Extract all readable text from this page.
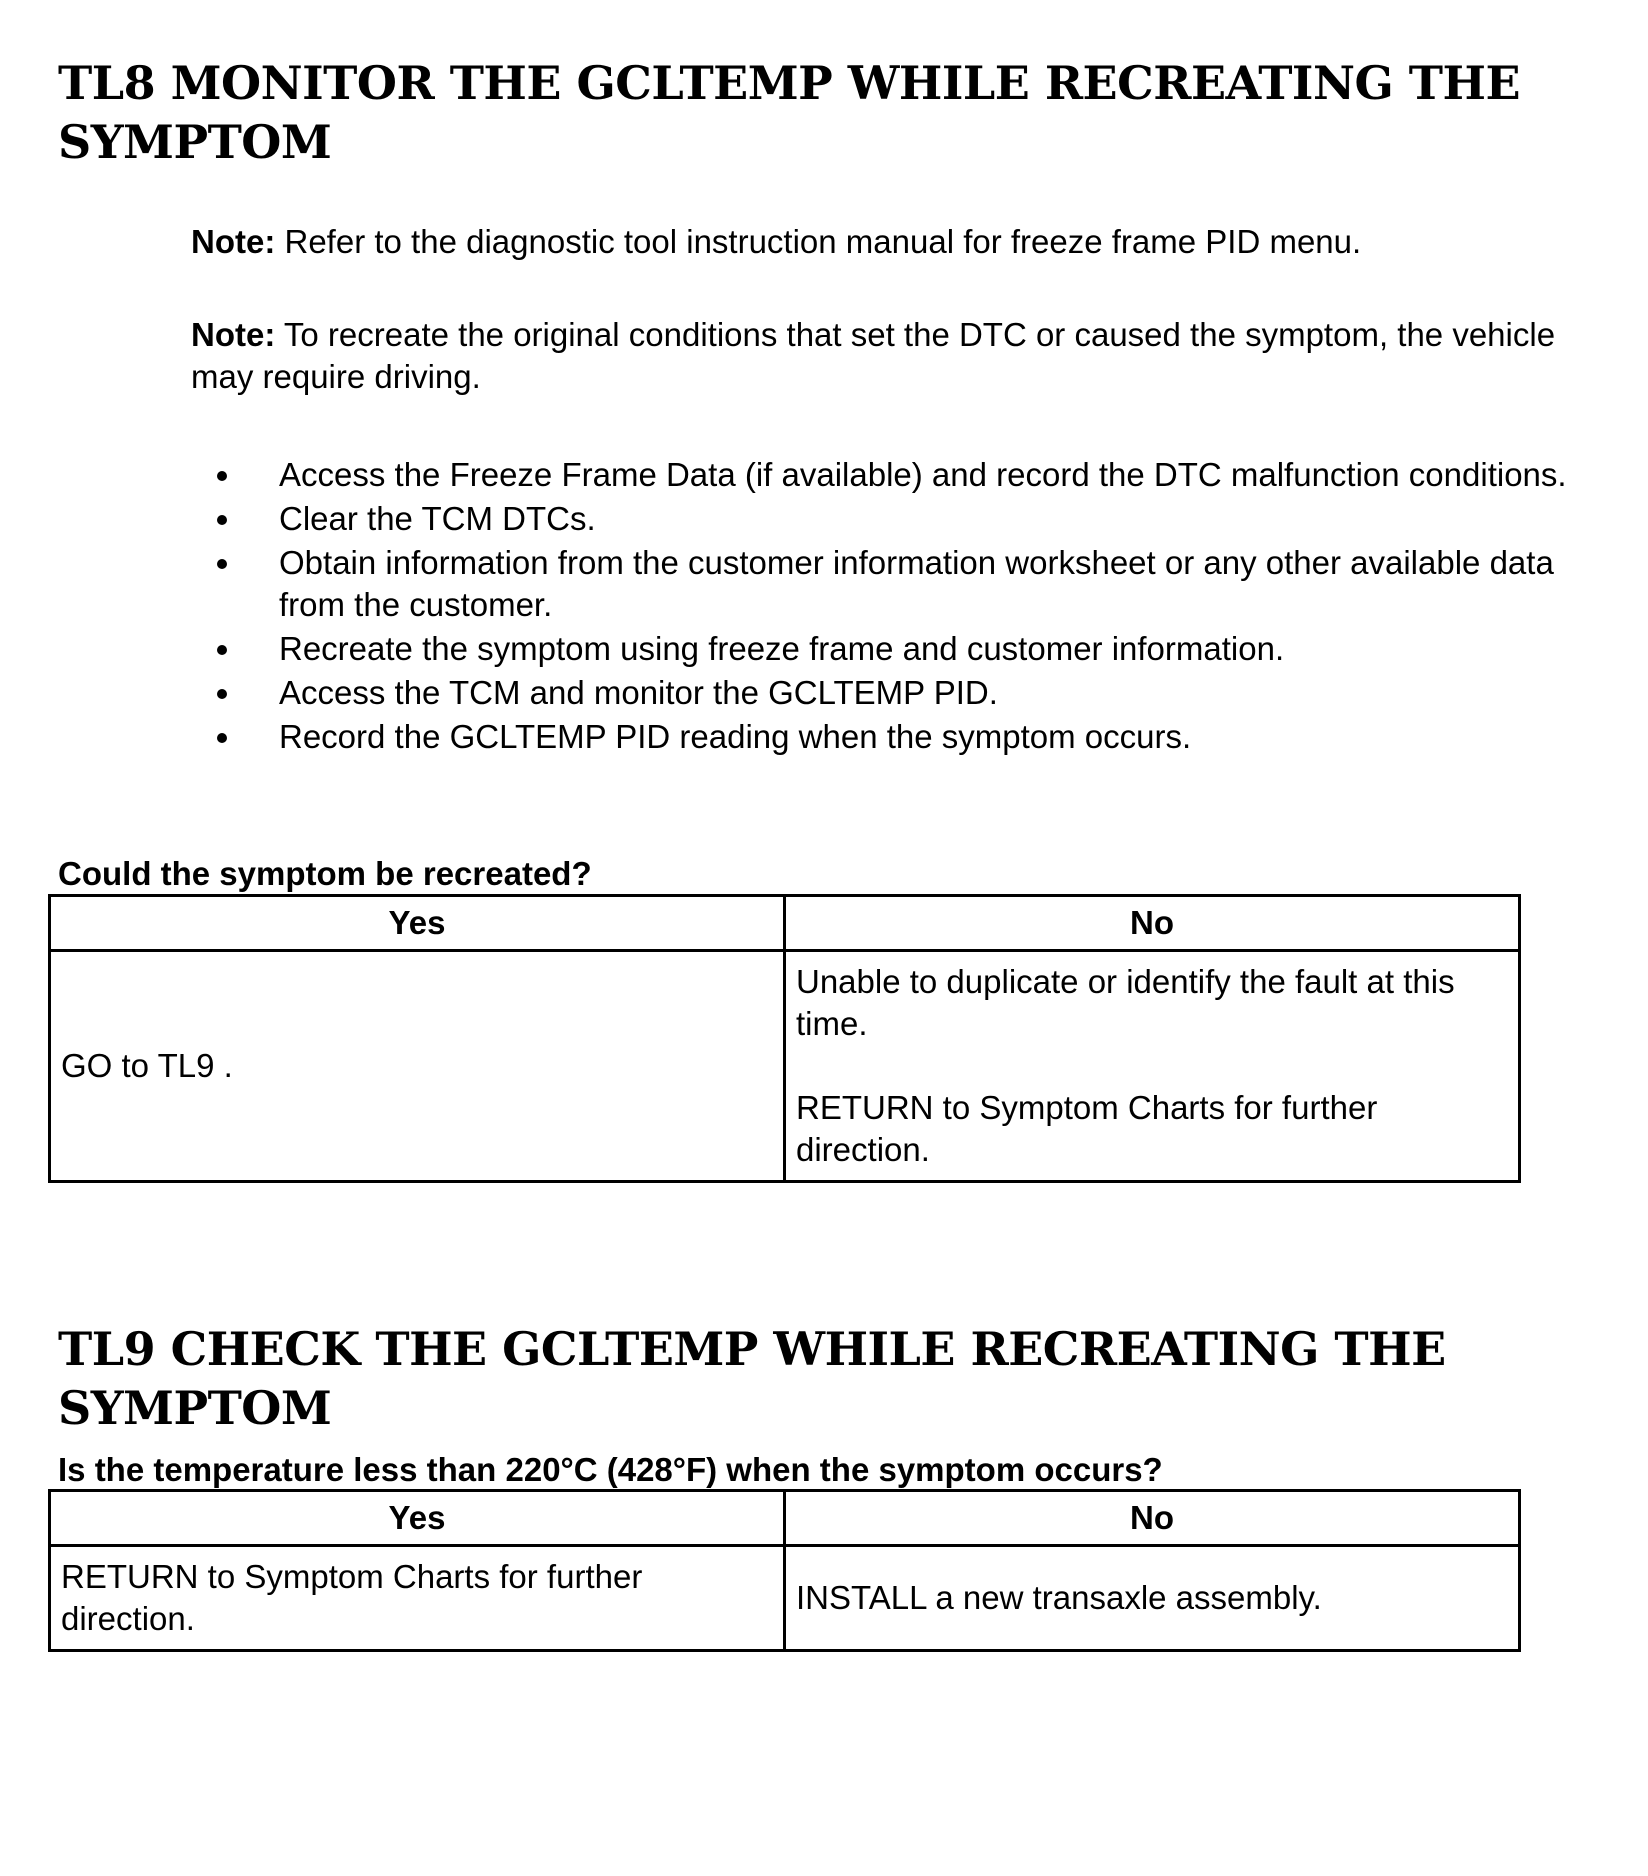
TL8 MONITOR THE GCLTEMP WHILE RECREATING THE
SYMPTOM

Note: Refer to the diagnostic tool instruction manual for freeze frame PID menu.

Note: To recreate the original conditions that set the DTC or caused the symptom, the vehicle may require driving.

Access the Freeze Frame Data (if available) and record the DTC malfunction conditions.
Clear the TCM DTCs.
Obtain information from the customer information worksheet or any other available data from the customer.
Recreate the symptom using freeze frame and customer information.
Access the TCM and monitor the GCLTEMP PID.
Record the GCLTEMP PID reading when the symptom occurs.

Could the symptom be recreated?

Yes	No
GO to TL9 .	Unable to duplicate or identify the fault at this time.

RETURN to Symptom Charts for further direction.

TL9 CHECK THE GCLTEMP WHILE RECREATING THE
SYMPTOM

Is the temperature less than 220°C (428°F) when the symptom occurs?

Yes	No
RETURN to Symptom Charts for further direction.	INSTALL a new transaxle assembly.
